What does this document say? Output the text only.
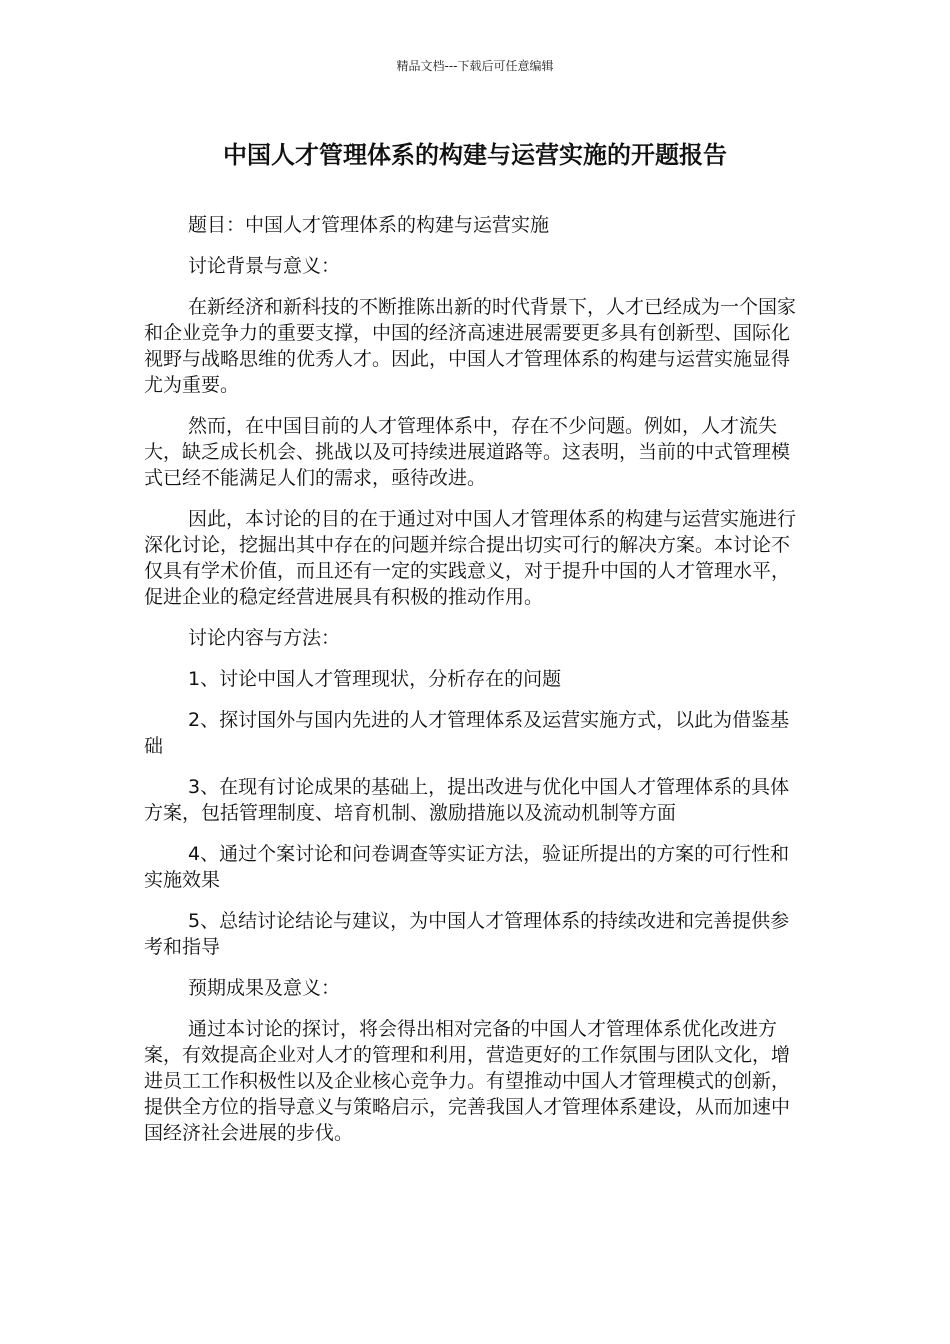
精品文档---下载后可任意编辑
中国人才管理体系的构建与运营实施的开题报告

题目：中国人才管理体系的构建与运营实施

讨论背景与意义：

在新经济和新科技的不断推陈出新的时代背景下，人才已经成为一个国家和企业竞争力的重要支撑，中国的经济高速进展需要更多具有创新型、国际化视野与战略思维的优秀人才。因此，中国人才管理体系的构建与运营实施显得尤为重要。

然而，在中国目前的人才管理体系中，存在不少问题。例如，人才流失大，缺乏成长机会、挑战以及可持续进展道路等。这表明，当前的中式管理模式已经不能满足人们的需求，亟待改进。

因此，本讨论的目的在于通过对中国人才管理体系的构建与运营实施进行深化讨论，挖掘出其中存在的问题并综合提出切实可行的解决方案。本讨论不仅具有学术价值，而且还有一定的实践意义，对于提升中国的人才管理水平，促进企业的稳定经营进展具有积极的推动作用。

讨论内容与方法：

1、讨论中国人才管理现状，分析存在的问题

2、探讨国外与国内先进的人才管理体系及运营实施方式，以此为借鉴基础

3、在现有讨论成果的基础上，提出改进与优化中国人才管理体系的具体方案，包括管理制度、培育机制、激励措施以及流动机制等方面

4、通过个案讨论和问卷调查等实证方法，验证所提出的方案的可行性和实施效果

5、总结讨论结论与建议，为中国人才管理体系的持续改进和完善提供参考和指导

预期成果及意义：

通过本讨论的探讨，将会得出相对完备的中国人才管理体系优化改进方案，有效提高企业对人才的管理和利用，营造更好的工作氛围与团队文化，增进员工工作积极性以及企业核心竞争力。有望推动中国人才管理模式的创新，提供全方位的指导意义与策略启示，完善我国人才管理体系建设，从而加速中国经济社会进展的步伐。
